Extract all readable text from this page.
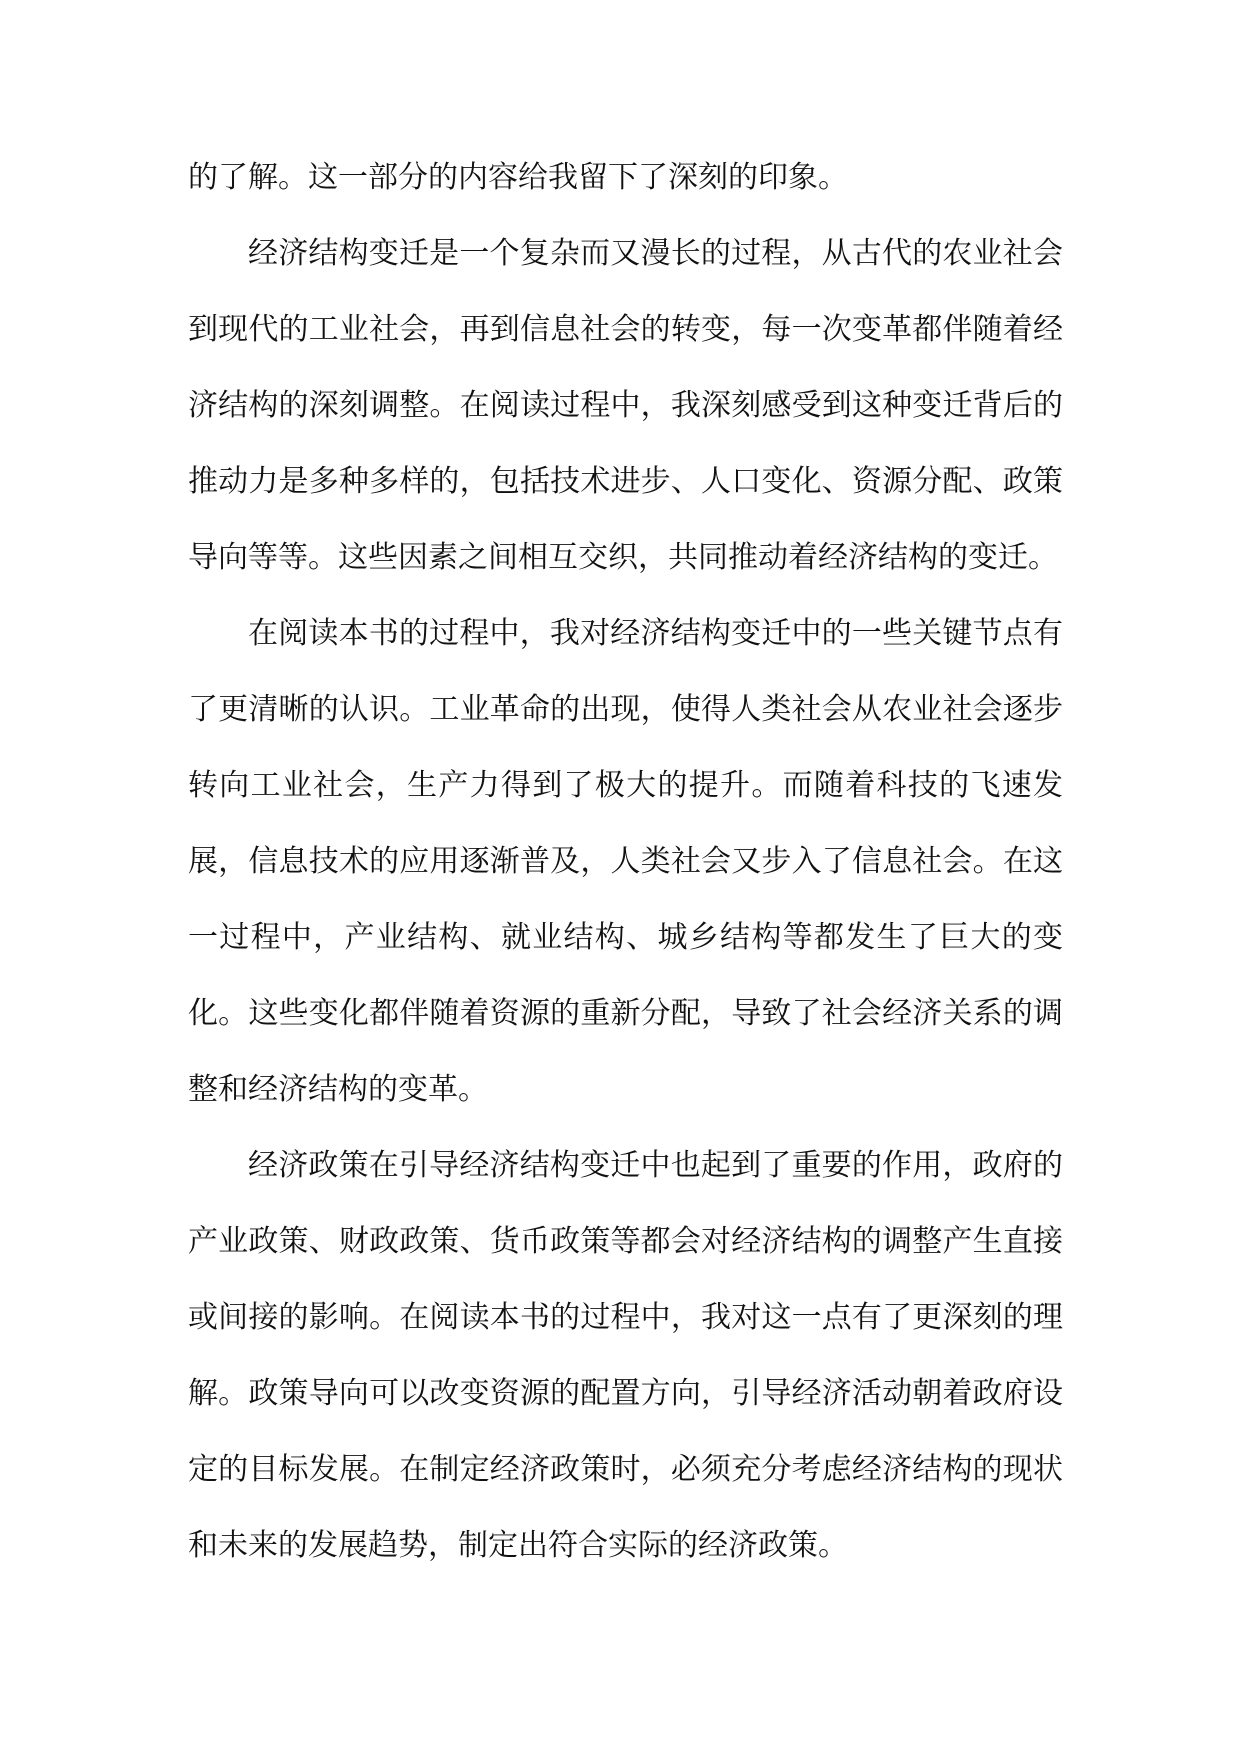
的了解。这一部分的内容给我留下了深刻的印象。

经济结构变迁是一个复杂而又漫长的过程，从古代的农业社会到现代的工业社会，再到信息社会的转变，每一次变革都伴随着经济结构的深刻调整。在阅读过程中，我深刻感受到这种变迁背后的推动力是多种多样的，包括技术进步、人口变化、资源分配、政策导向等等。这些因素之间相互交织，共同推动着经济结构的变迁。

在阅读本书的过程中，我对经济结构变迁中的一些关键节点有了更清晰的认识。工业革命的出现，使得人类社会从农业社会逐步转向工业社会，生产力得到了极大的提升。而随着科技的飞速发展，信息技术的应用逐渐普及，人类社会又步入了信息社会。在这一过程中，产业结构、就业结构、城乡结构等都发生了巨大的变化。这些变化都伴随着资源的重新分配，导致了社会经济关系的调整和经济结构的变革。

经济政策在引导经济结构变迁中也起到了重要的作用，政府的产业政策、财政政策、货币政策等都会对经济结构的调整产生直接或间接的影响。在阅读本书的过程中，我对这一点有了更深刻的理解。政策导向可以改变资源的配置方向，引导经济活动朝着政府设定的目标发展。在制定经济政策时，必须充分考虑经济结构的现状和未来的发展趋势，制定出符合实际的经济政策。
